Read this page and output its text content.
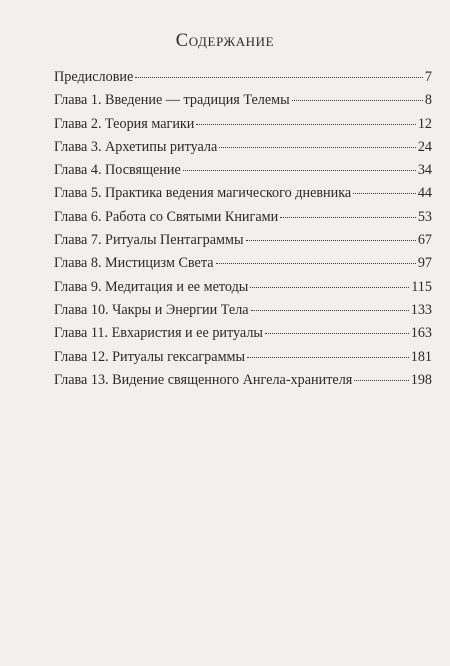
Содержание
Предисловие	7
Глава 1. Введение — традиция Телемы	8
Глава 2. Теория магики	12
Глава 3. Архетипы ритуала	24
Глава 4. Посвящение	34
Глава 5. Практика ведения магического дневника	44
Глава 6. Работа со Святыми Книгами	53
Глава 7. Ритуалы Пентаграммы	67
Глава 8. Мистицизм Света	97
Глава 9. Медитация и ее методы	115
Глава 10. Чакры и Энергии Тела	133
Глава 11. Евхаристия и ее ритуалы	163
Глава 12. Ритуалы гексаграммы	181
Глава 13. Видение священного Ангела-хранителя	198
